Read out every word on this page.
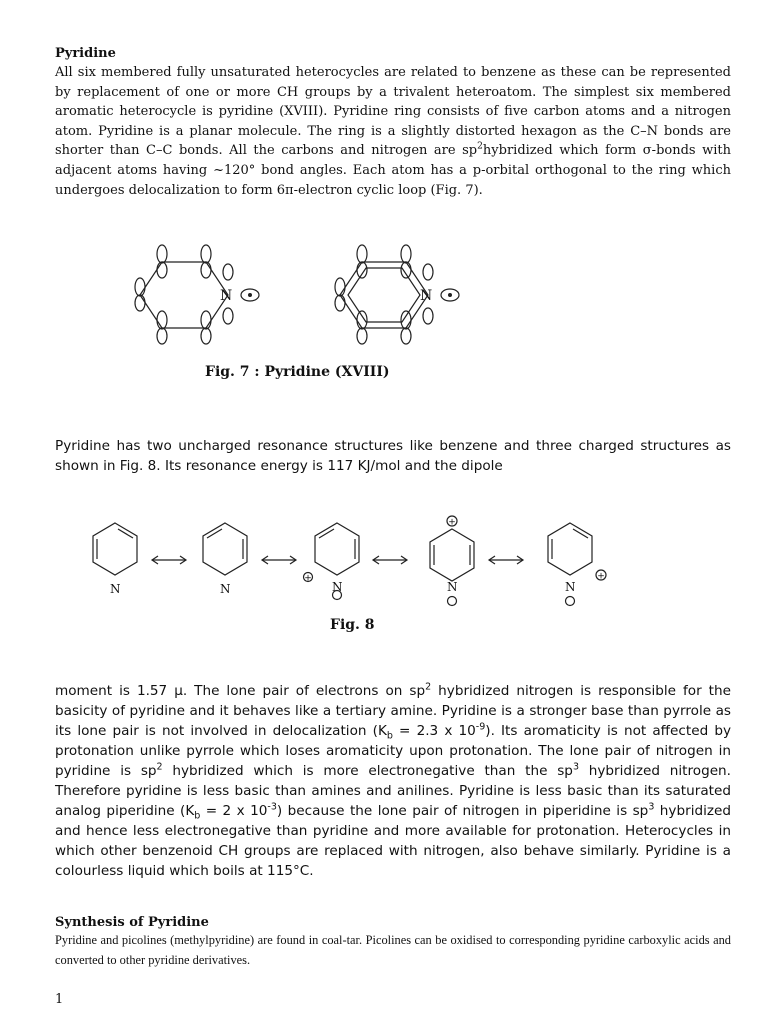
Pyridine

All six membered fully unsaturated heterocycles are related to benzene as these can be represented by replacement of one or more CH groups by a trivalent heteroatom. The simplest six membered aromatic heterocycle is pyridine (XVIII). Pyridine ring consists of five carbon atoms and a nitrogen atom. Pyridine is a planar molecule. The ring is a slightly distorted hexagon as the C–N bonds are shorter than C–C bonds. All the carbons and nitrogen are $sp^2hybridized$ which form σ-bonds with adjacent atoms having ~120° bond angles. Each atom has a p-orbital orthogonal to the ring which undergoes delocalization to form 6π-electron cyclic loop (Fig. 7).

N	N
Fig. 7 : Pyridine (XVIII)

Pyridine has two uncharged resonance structures like benzene and three charged structures as shown in Fig. 8. Its resonance energy is 117 KJ/mol and the dipole

N	N	N	N	N
+
+
+
Fig. 8

moment is 1.57 μ. The lone pair of electrons on $sp^2$ hybridized nitrogen is responsible for the basicity of pyridine and it behaves like a tertiary amine. Pyridine is a stronger base than pyrrole as its lone pair is not involved in delocalization ($K_b = 2.3$ x $10^{-9}$). Its aromaticity is not affected by protonation unlike pyrrole which loses aromaticity upon protonation. The lone pair of nitrogen in pyridine is $sp^2$ hybridized which is more electronegative than the $sp^3$ hybridized nitrogen. Therefore pyridine is less basic than amines and anilines. Pyridine is less basic than its saturated analog piperidine ($K_b = 2$ x $10^{-3}$) because the lone pair of nitrogen in piperidine is $sp^3$ hybridized and hence less electronegative than pyridine and more available for protonation. Heterocycles in which other benzenoid CH groups are replaced with nitrogen, also behave similarly. Pyridine is a colourless liquid which boils at 115°C.

Synthesis of Pyridine

Pyridine and picolines (methylpyridine) are found in coal-tar. Picolines can be oxidised to corresponding pyridine carboxylic acids and converted to other pyridine derivatives.

1
